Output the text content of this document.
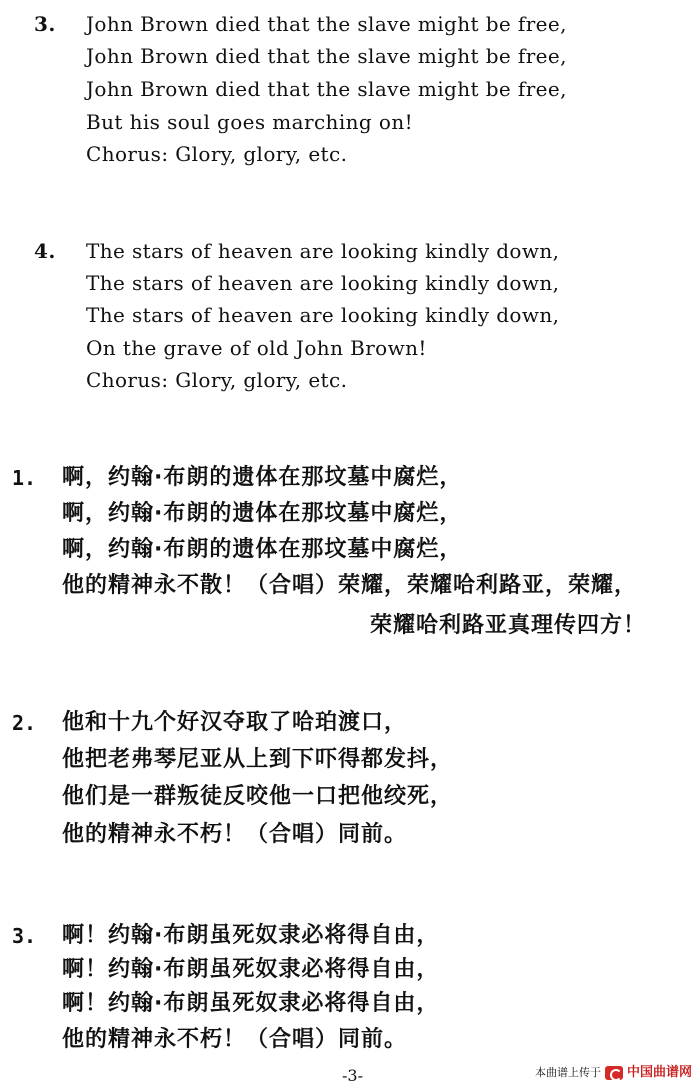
3. John Brown died that the slave might be free,
John Brown died that the slave might be free,
John Brown died that the slave might be free,
But his soul goes marching on!
Chorus: Glory, glory, etc.
4. The stars of heaven are looking kindly down,
The stars of heaven are looking kindly down,
The stars of heaven are looking kindly down,
On the grave of old John Brown!
Chorus: Glory, glory, etc.
1. 啊，约翰·布朗的遗体在那坟墓中腐烂，
啊，约翰·布朗的遗体在那坟墓中腐烂，
啊，约翰·布朗的遗体在那坟墓中腐烂，
他的精神永不散！（合唱）荣耀，荣耀哈利路亚，荣耀，
荣耀哈利路亚真理传四方！
2. 他和十九个好汉夺取了哈珀渡口，
他把老弗琴尼亚从上到下吓得都发抖，
他们是一群叛徒反咬他一口把他绞死，
他的精神永不朽！（合唱）同前。
3. 啊！约翰·布朗虽死奴隶必将得自由，
啊！约翰·布朗虽死奴隶必将得自由，
啊！约翰·布朗虽死奴隶必将得自由，
他的精神永不朽！（合唱）同前。
-3-	本曲谱上传于 中国曲谱网
